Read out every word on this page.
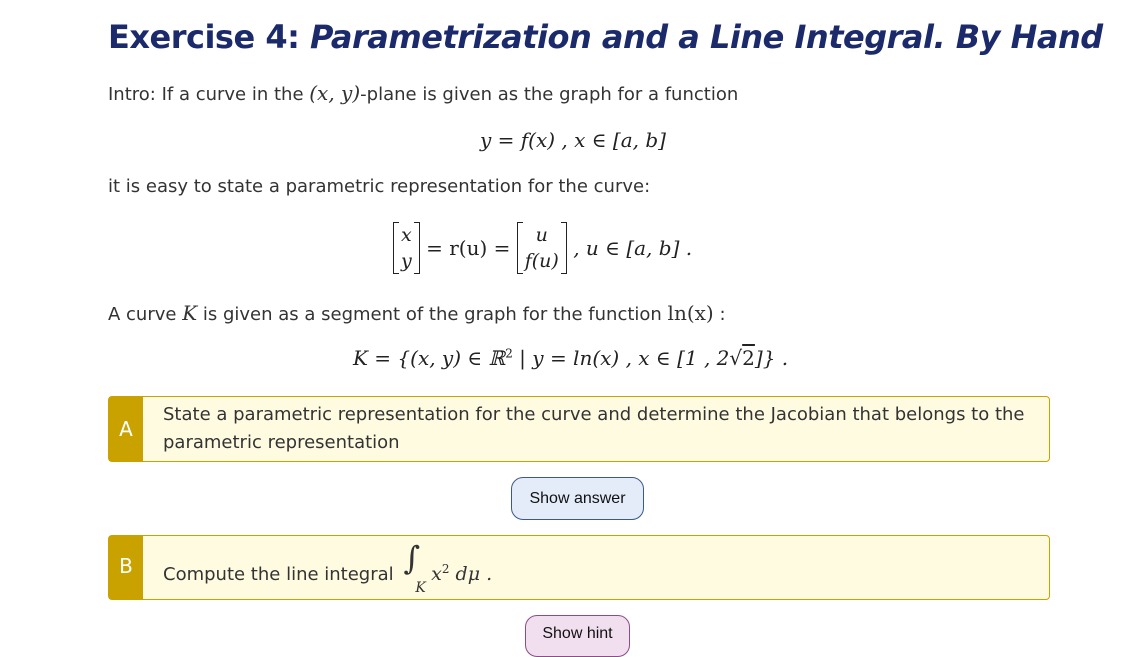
Exercise 4: Parametrization and a Line Integral. By Hand
Intro: If a curve in the (x, y)-plane is given as the graph for a function
y = f(x) , x ∈ [a, b]
it is easy to state a parametric representation for the curve:
x
y
= r(u) =
u
f(u)
, u ∈ [a, b] .
A curve K is given as a segment of the graph for the function ln(x) :
K = {(x, y) ∈ ℝ$^2$ | y = ln(x) , x ∈ [1 , 2√2]} .
A
State a parametric representation for the curve and determine the Jacobian that belongs to the
parametric representation
Show answer
B	Compute the line integral ∫
K
$x^2$ dμ .
Show hint
